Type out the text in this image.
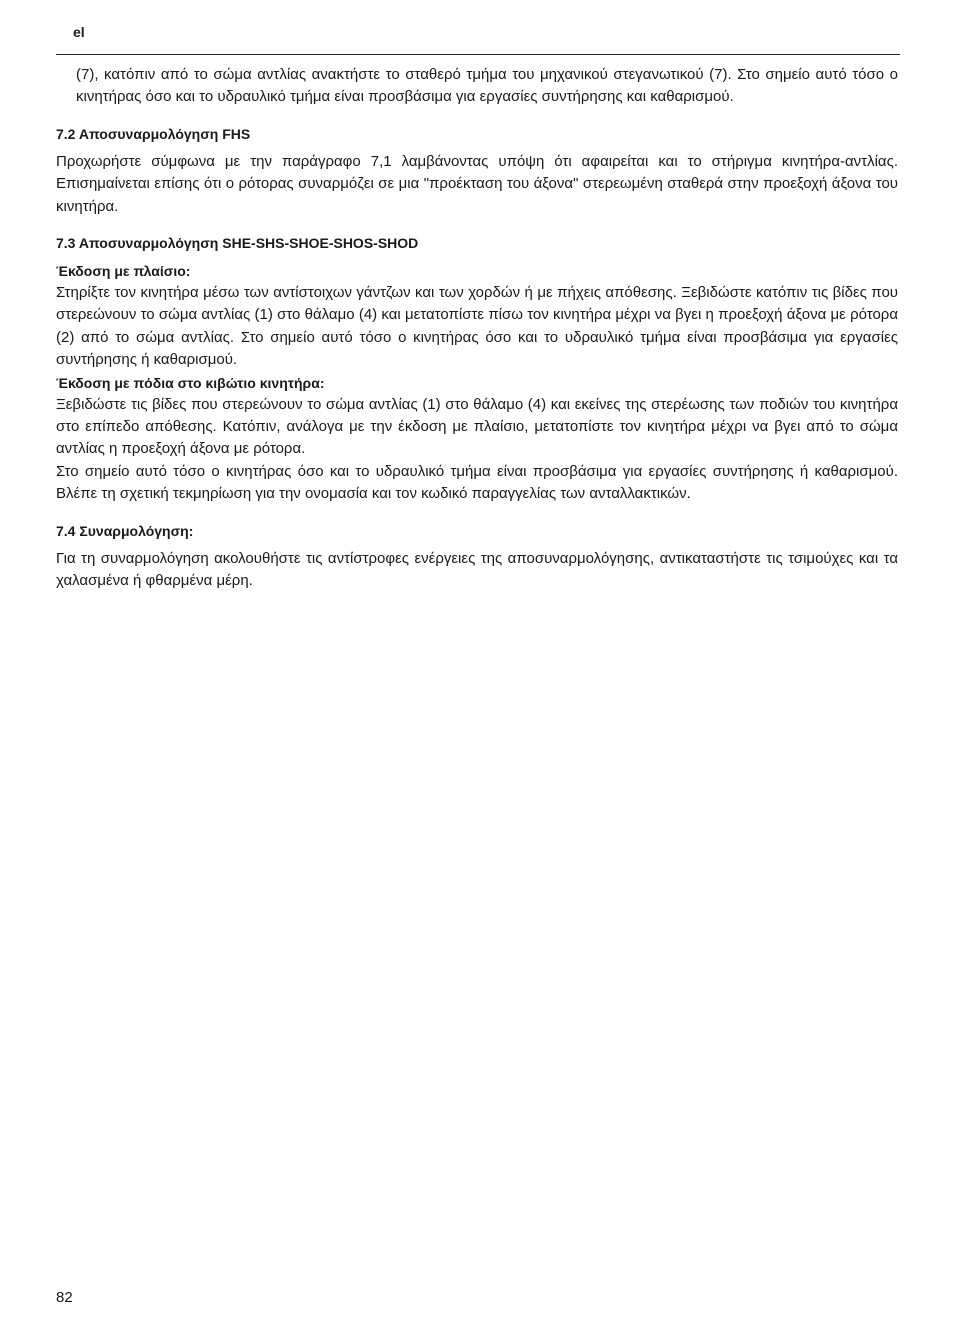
el

(7), κατόπιν από το σώμα αντλίας ανακτήστε το σταθερό τμήμα του μηχανικού στεγανωτικού (7). Στο σημείο αυτό τόσο ο κινητήρας όσο και το υδραυλικό τμήμα είναι προσβάσιμα για εργασίες συντήρησης και καθαρισμού.

7.2 Αποσυναρμολόγηση FHS

Προχωρήστε σύμφωνα με την παράγραφο 7,1 λαμβάνοντας υπόψη ότι αφαιρείται και το στήριγμα κινητήρα-αντλίας. Επισημαίνεται επίσης ότι ο ρότορας συναρμόζει σε μια "προέκταση του άξονα" στερεωμένη σταθερά στην προεξοχή άξονα του κινητήρα.

7.3 Αποσυναρμολόγηση SHE-SHS-SHOE-SHOS-SHOD
Έκδοση με πλαίσιο:

Στηρίξτε τον κινητήρα μέσω των αντίστοιχων γάντζων και των χορδών ή με πήχεις απόθεσης. Ξεβιδώστε κατόπιν τις βίδες που στερεώνουν το σώμα αντλίας (1) στο θάλαμο (4) και μετατοπίστε πίσω τον κινητήρα μέχρι να βγει η προεξοχή άξονα με ρότορα (2) από το σώμα αντλίας. Στο σημείο αυτό τόσο ο κινητήρας όσο και το υδραυλικό τμήμα είναι προσβάσιμα για εργασίες συντήρησης ή καθαρισμού.

Έκδοση με πόδια στο κιβώτιο κινητήρα:

Ξεβιδώστε τις βίδες που στερεώνουν το σώμα αντλίας (1) στο θάλαμο (4) και εκείνες της στερέωσης των ποδιών του κινητήρα στο επίπεδο απόθεσης. Κατόπιν, ανάλογα με την έκδοση με πλαίσιο, μετατοπίστε τον κινητήρα μέχρι να βγει από το σώμα αντλίας η προεξοχή άξονα με ρότορα.

Στο σημείο αυτό τόσο ο κινητήρας όσο και το υδραυλικό τμήμα είναι προσβάσιμα για εργασίες συντήρησης ή καθαρισμού. Βλέπε τη σχετική τεκμηρίωση για την ονομασία και τον κωδικό παραγγελίας των ανταλλακτικών.

7.4 Συναρμολόγηση:

Για τη συναρμολόγηση ακολουθήστε τις αντίστροφες ενέργειες της αποσυναρμολόγησης, αντικαταστήστε τις τσιμούχες και τα χαλασμένα ή φθαρμένα μέρη.

82
